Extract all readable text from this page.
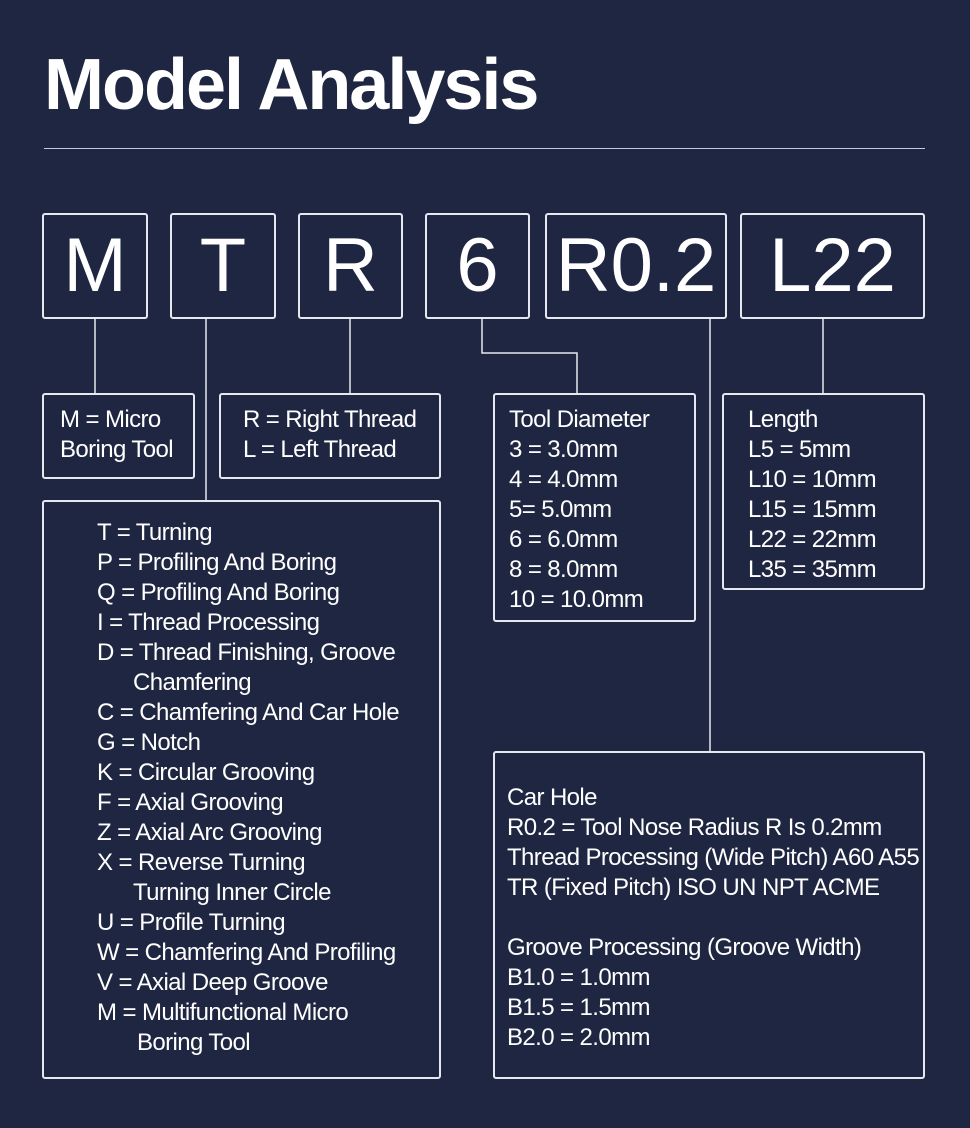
Model Analysis
M T	R	6 R0.2 L22
M = Micro
Boring Tool
R = Right Thread
L = Left Thread
Tool Diameter
3 = 3.0mm
4 = 4.0mm
5= 5.0mm
6 = 6.0mm
8 = 8.0mm
10 = 10.0mm
Length
L5 = 5mm
L10 = 10mm
L15 = 15mm
L22 = 22mm
L35 = 35mm
T = Turning
P = Profiling And Boring
Q = Profiling And Boring
I = Thread Processing
D = Thread Finishing, Groove
Chamfering
C = Chamfering And Car Hole
G = Notch
K = Circular Grooving
F = Axial Grooving
Z = Axial Arc Grooving
X = Reverse Turning
Turning Inner Circle
U = Profile Turning
W = Chamfering And Profiling
V = Axial Deep Groove
M = Multifunctional Micro
Boring Tool
Car Hole
R0.2 = Tool Nose Radius R Is 0.2mm
Thread Processing (Wide Pitch) A60 A55
TR (Fixed Pitch) ISO UN NPT ACME
Groove Processing (Groove Width)
B1.0 = 1.0mm
B1.5 = 1.5mm
B2.0 = 2.0mm
